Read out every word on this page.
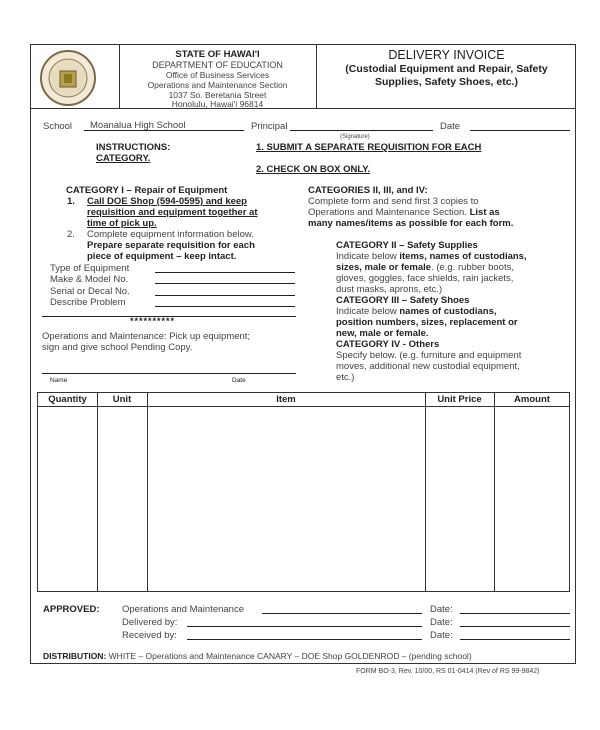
STATE OF HAWAI'I
DEPARTMENT OF EDUCATION
Office of Business Services
Operations and Maintenance Section
1037 So. Beretania Street
Honolulu, Hawai'i 96814
DELIVERY INVOICE
(Custodial Equipment and Repair, Safety
Supplies, Safety Shoes, etc.)
School Moanalua High School	Principal
(Signature)
Date
INSTRUCTIONS:
CATEGORY.
1. SUBMIT A SEPARATE REQUISITION FOR EACH
2. CHECK ON BOX ONLY.
CATEGORY I – Repair of Equipment
1. Call DOE Shop (594-0595) and keep
requisition and equipment together at
time of pick up.
2. Complete equipment information below.
Prepare separate requisition for each
piece of equipment – keep intact.
Type of Equipment
Make & Model No.
Serial or Decal No.
Describe Problem
**********
Operations and Maintenance: Pick up equipment;
sign and give school Pending Copy.
Name	Date
CATEGORIES II, III, and IV:
Complete form and send first 3 copies to
Operations and Maintenance Section. List as
many names/items as possible for each form.
CATEGORY II – Safety Supplies
Indicate below items, names of custodians,
sizes, male or female. (e.g. rubber boots,
gloves, goggles, face shields, rain jackets,
dust masks, aprons, etc.)
CATEGORY III – Safety Shoes
Indicate below names of custodians,
position numbers, sizes, replacement or
new, male or female.
CATEGORY IV - Others
Specify below. (e.g. furniture and equipment
moves, additional new custodial equipment,
etc.)
Quantity	Unit	Item	Unit Price	Amount
APPROVED: Operations and Maintenance
Delivered by:
Received by:
Date:
Date:
Date:
DISTRIBUTION: WHITE – Operations and Maintenance CANARY – DOE Shop GOLDENROD – (pending school)
FORM BO-3, Rev. 10/00, RS 01-0414 (Rev of RS 99-9842)
